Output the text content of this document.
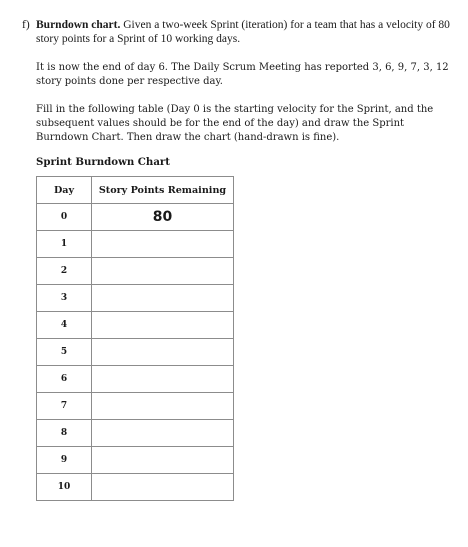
f) Burndown chart. Given a two-week Sprint (iteration) for a team that has a velocity of 80 story points for a Sprint of 10 working days.
It is now the end of day 6. The Daily Scrum Meeting has reported 3, 6, 9, 7, 3, 12 story points done per respective day.
Fill in the following table (Day 0 is the starting velocity for the Sprint, and the subsequent values should be for the end of the day) and draw the Sprint Burndown Chart. Then draw the chart (hand-drawn is fine).
Sprint Burndown Chart
Day	Story Points Remaining
0	80
1	
2	
3	
4	
5	
6	
7	
8	
9	
10	
